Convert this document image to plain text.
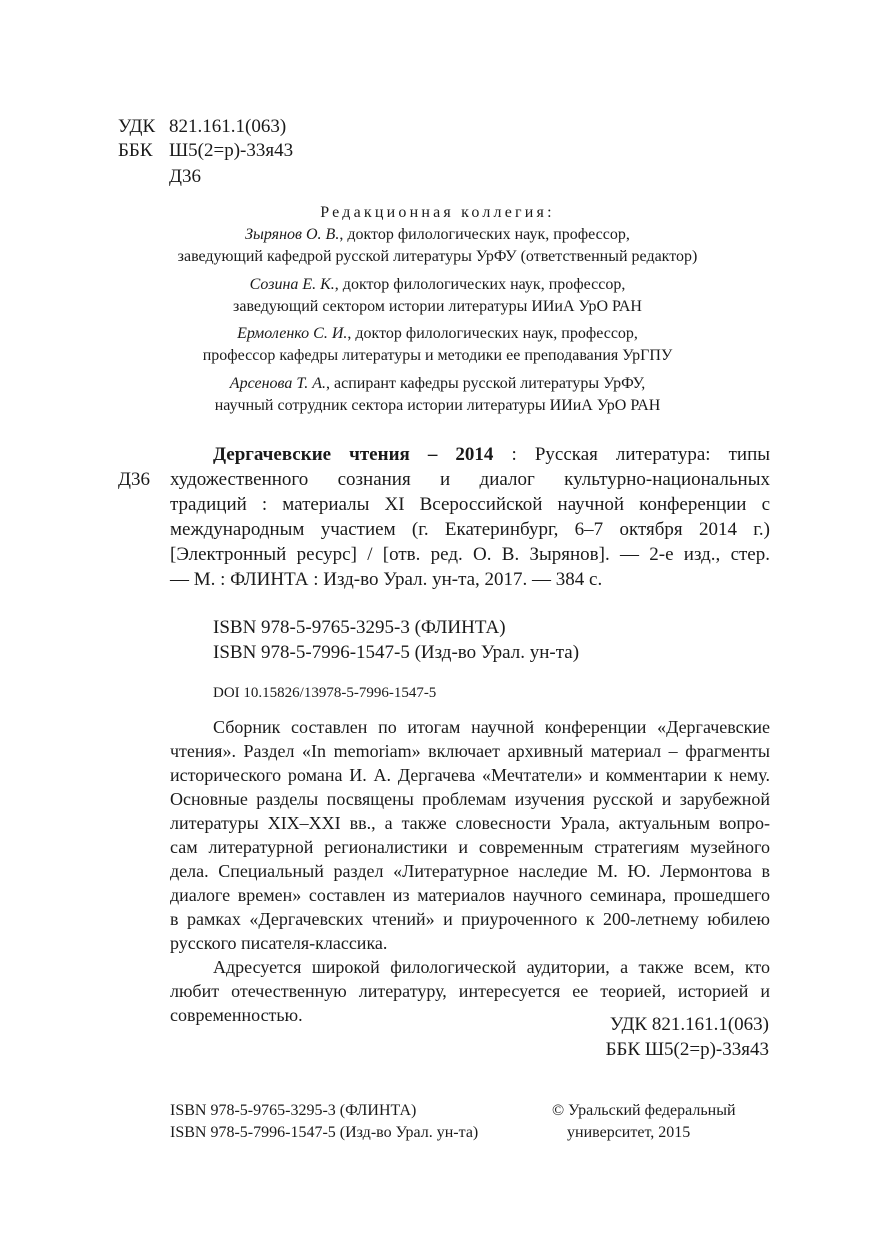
УДК 821.161.1(063)
ББК Ш5(2=р)-33я43
Д36
Редакционная коллегия:
Зырянов О. В., доктор филологических наук, профессор,
заведующий кафедрой русской литературы УрФУ (ответственный редактор)
Созина Е. К., доктор филологических наук, профессор,
заведующий сектором истории литературы ИИиА УрО РАН
Ермоленко С. И., доктор филологических наук, профессор,
профессор кафедры литературы и методики ее преподавания УрГПУ
Арсенова Т. А., аспирант кафедры русской литературы УрФУ,
научный сотрудник сектора истории литературы ИИиА УрО РАН
Д36
Дергачевские чтения – 2014 : Русская литература: типы
художественного сознания и диалог культурно-национальных
традиций : материалы XI Всероссийской научной конференции с
международным участием (г. Екатеринбург, 6–7 октября 2014 г.)
[Электронный ресурс] / [отв. ред. О. В. Зырянов]. — 2-е изд., стер.
— М. : ФЛИНТА : Изд-во Урал. ун-та, 2017. — 384 с.
ISBN 978-5-9765-3295-3 (ФЛИНТА)
ISBN 978-5-7996-1547-5 (Изд-во Урал. ун-та)
DOI 10.15826/13978-5-7996-1547-5
Сборник составлен по итогам научной конференции «Дергачевские
чтения». Раздел «In memoriam» включает архивный материал – фрагменты
исторического романа И. А. Дергачева «Мечтатели» и комментарии к нему.
Основные разделы посвящены проблемам изучения русской и зарубежной
литературы XIX–XXI вв., а также словесности Урала, актуальным вопро-
сам литературной регионалистики и современным стратегиям музейного
дела. Специальный раздел «Литературное наследие М. Ю. Лермонтова в
диалоге времен» составлен из материалов научного семинара, прошедшего
в рамках «Дергачевских чтений» и приуроченного к 200-летнему юбилею
русского писателя-классика.
Адресуется широкой филологической аудитории, а также всем, кто
любит отечественную литературу, интересуется ее теорией, историей и
современностью.	УДК 821.161.1(063)
ББК Ш5(2=р)-33я43
ISBN 978-5-9765-3295-3 (ФЛИНТА)
ISBN 978-5-7996-1547-5 (Изд-во Урал. ун-та)
© Уральский федеральный
университет, 2015
